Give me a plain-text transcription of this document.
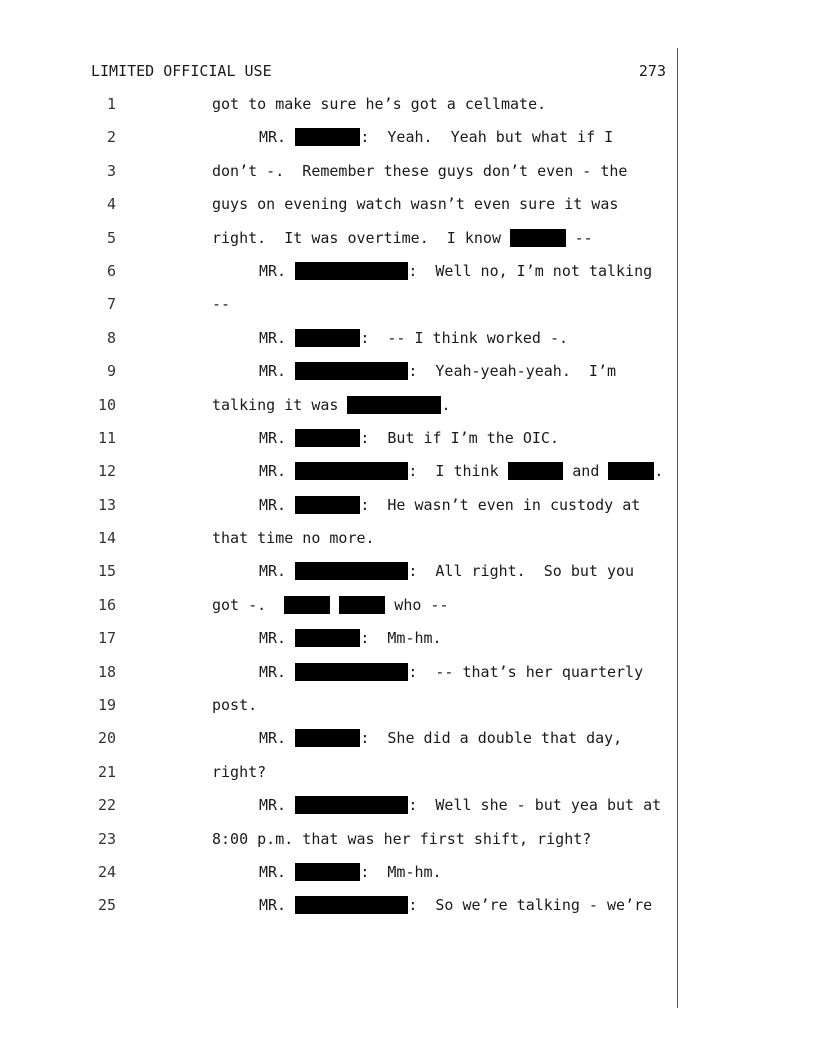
LIMITED OFFICIAL USE	273
1	got to make sure he’s got a cellmate.
2	MR.	:  Yeah.  Yeah but what if I
3	don’t -.  Remember these guys don’t even - the
4	guys on evening watch wasn’t even sure it was
5	right.  It was overtime.  I know	--
6	MR.	:  Well no, I’m not talking
7	--
8	MR.	:  -- I think worked -.
9	MR.	:  Yeah-yeah-yeah.  I’m
10	talking it was	.
11	MR.	:  But if I’m the OIC.
12	MR.	:  I think	and	.
13	MR.	:  He wasn’t even in custody at
14	that time no more.
15	MR.	:  All right.  So but you
16	got -.	who --
17	MR.	:  Mm-hm.
18	MR.	:  -- that’s her quarterly
19	post.
20	MR.	:  She did a double that day,
21	right?
22	MR.	:  Well she - but yea but at
23	8:00 p.m. that was her first shift, right?
24	MR.	:  Mm-hm.
25	MR.	:  So we’re talking - we’re
